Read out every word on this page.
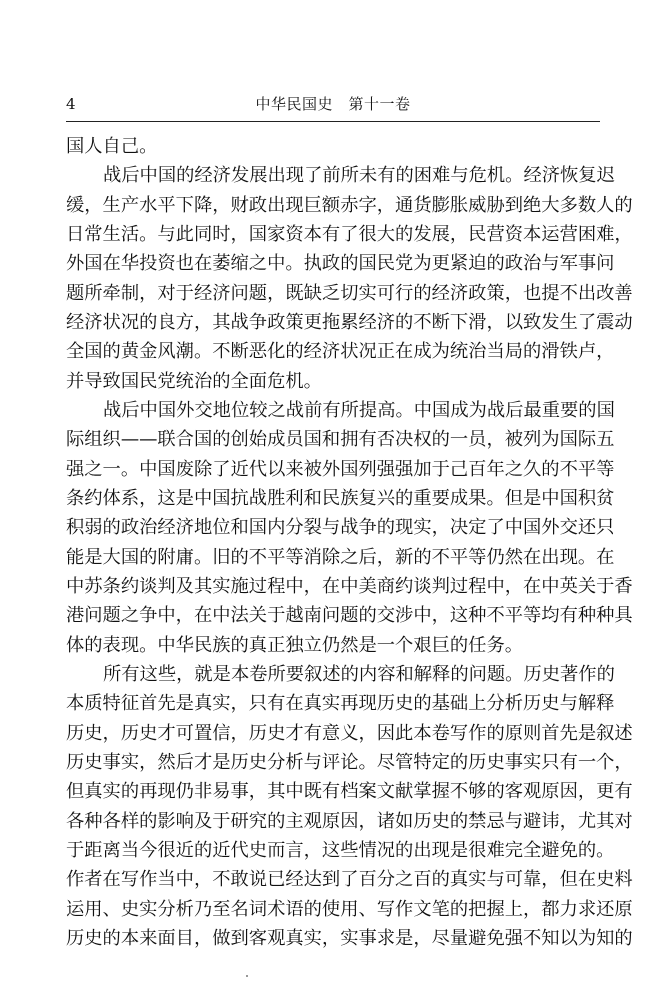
4	中华民国史　第十一卷
国人自己。
战后中国的经济发展出现了前所未有的困难与危机。经济恢复迟
缓，生产水平下降，财政出现巨额赤字，通货膨胀威胁到绝大多数人的
日常生活。与此同时，国家资本有了很大的发展，民营资本运营困难，
外国在华投资也在萎缩之中。执政的国民党为更紧迫的政治与军事问
题所牵制，对于经济问题，既缺乏切实可行的经济政策，也提不出改善
经济状况的良方，其战争政策更拖累经济的不断下滑，以致发生了震动
全国的黄金风潮。不断恶化的经济状况正在成为统治当局的滑铁卢，
并导致国民党统治的全面危机。
战后中国外交地位较之战前有所提高。中国成为战后最重要的国
际组织——联合国的创始成员国和拥有否决权的一员，被列为国际五
强之一。中国废除了近代以来被外国列强强加于己百年之久的不平等
条约体系，这是中国抗战胜利和民族复兴的重要成果。但是中国积贫
积弱的政治经济地位和国内分裂与战争的现实，决定了中国外交还只
能是大国的附庸。旧的不平等消除之后，新的不平等仍然在出现。在
中苏条约谈判及其实施过程中，在中美商约谈判过程中，在中英关于香
港问题之争中，在中法关于越南问题的交涉中，这种不平等均有种种具
体的表现。中华民族的真正独立仍然是一个艰巨的任务。
所有这些，就是本卷所要叙述的内容和解释的问题。历史著作的
本质特征首先是真实，只有在真实再现历史的基础上分析历史与解释
历史，历史才可置信，历史才有意义，因此本卷写作的原则首先是叙述
历史事实，然后才是历史分析与评论。尽管特定的历史事实只有一个，
但真实的再现仍非易事，其中既有档案文献掌握不够的客观原因，更有
各种各样的影响及于研究的主观原因，诸如历史的禁忌与避讳，尤其对
于距离当今很近的近代史而言，这些情况的出现是很难完全避免的。
作者在写作当中，不敢说已经达到了百分之百的真实与可靠，但在史料
运用、史实分析乃至名词术语的使用、写作文笔的把握上，都力求还原
历史的本来面目，做到客观真实，实事求是，尽量避免强不知以为知的
